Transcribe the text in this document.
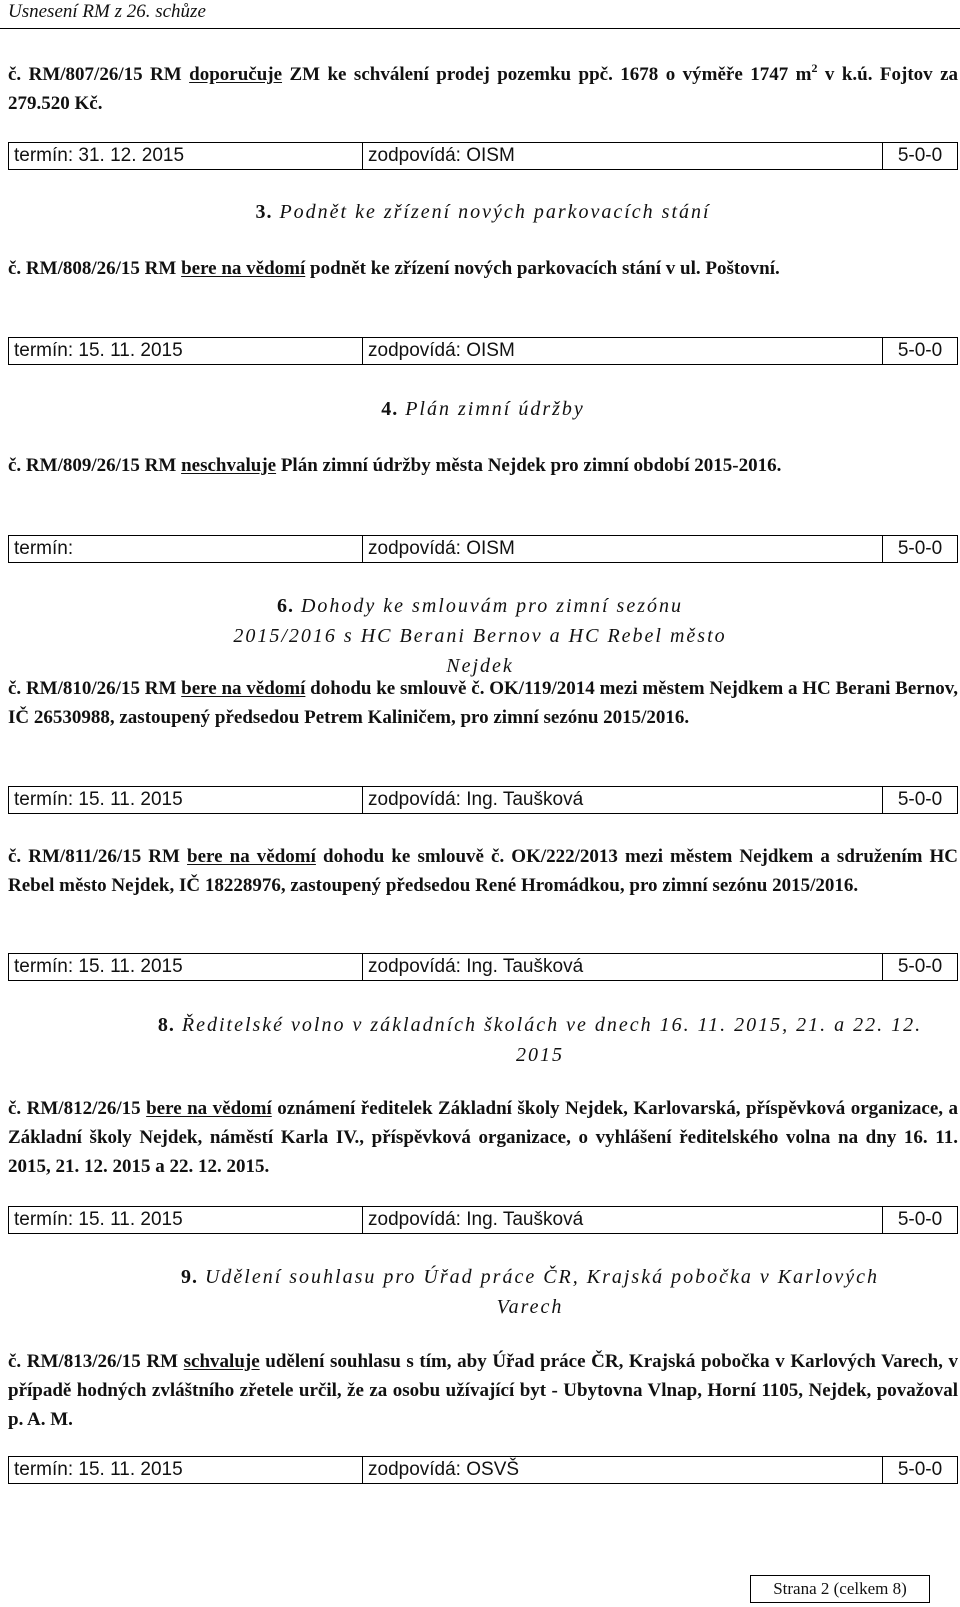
Usnesení RM z 26. schůze
č. RM/807/26/15 RM doporučuje ZM ke schválení prodej pozemku ppč. 1678 o výměře 1747 $m^2$ v k.ú. Fojtov za 279.520 Kč.
termín: 31. 12. 2015	zodpovídá: OISM	5-0-0
3. Podnět ke zřízení nových parkovacích stání
č. RM/808/26/15 RM bere na vědomí podnět ke zřízení nových parkovacích stání v ul. Poštovní.
termín: 15. 11. 2015	zodpovídá: OISM	5-0-0
4. Plán zimní údržby
č. RM/809/26/15 RM neschvaluje Plán zimní údržby města Nejdek pro zimní období 2015-2016.
termín:	zodpovídá: OISM	5-0-0
6. Dohody ke smlouvám pro zimní sezónu 2015/2016 s HC Berani Bernov a HC Rebel město Nejdek
č. RM/810/26/15 RM bere na vědomí dohodu ke smlouvě č. OK/119/2014 mezi městem Nejdkem a HC Berani Bernov, IČ 26530988, zastoupený předsedou Petrem Kaliničem, pro zimní sezónu 2015/2016.
termín: 15. 11. 2015	zodpovídá: Ing. Taušková	5-0-0
č. RM/811/26/15 RM bere na vědomí dohodu ke smlouvě č. OK/222/2013 mezi městem Nejdkem a sdružením HC Rebel město Nejdek, IČ 18228976, zastoupený předsedou René Hromádkou, pro zimní sezónu 2015/2016.
termín: 15. 11. 2015	zodpovídá: Ing. Taušková	5-0-0
8. Ředitelské volno v základních školách ve dnech 16. 11. 2015, 21. a 22. 12. 2015
č. RM/812/26/15 bere na vědomí oznámení ředitelek Základní školy Nejdek, Karlovarská, příspěvková organizace, a Základní školy Nejdek, náměstí Karla IV., příspěvková organizace, o vyhlášení ředitelského volna na dny 16. 11. 2015, 21. 12. 2015 a 22. 12. 2015.
termín: 15. 11. 2015	zodpovídá: Ing. Taušková	5-0-0
9. Udělení souhlasu pro Úřad práce ČR, Krajská pobočka v Karlových Varech
č. RM/813/26/15 RM schvaluje udělení souhlasu s tím, aby Úřad práce ČR, Krajská pobočka v Karlových Varech, v případě hodných zvláštního zřetele určil, že za osobu užívající byt - Ubytovna Vlnap, Horní 1105, Nejdek, považoval p. A. M.
termín: 15. 11. 2015	zodpovídá: OSVŠ	5-0-0
Strana 2 (celkem 8)
